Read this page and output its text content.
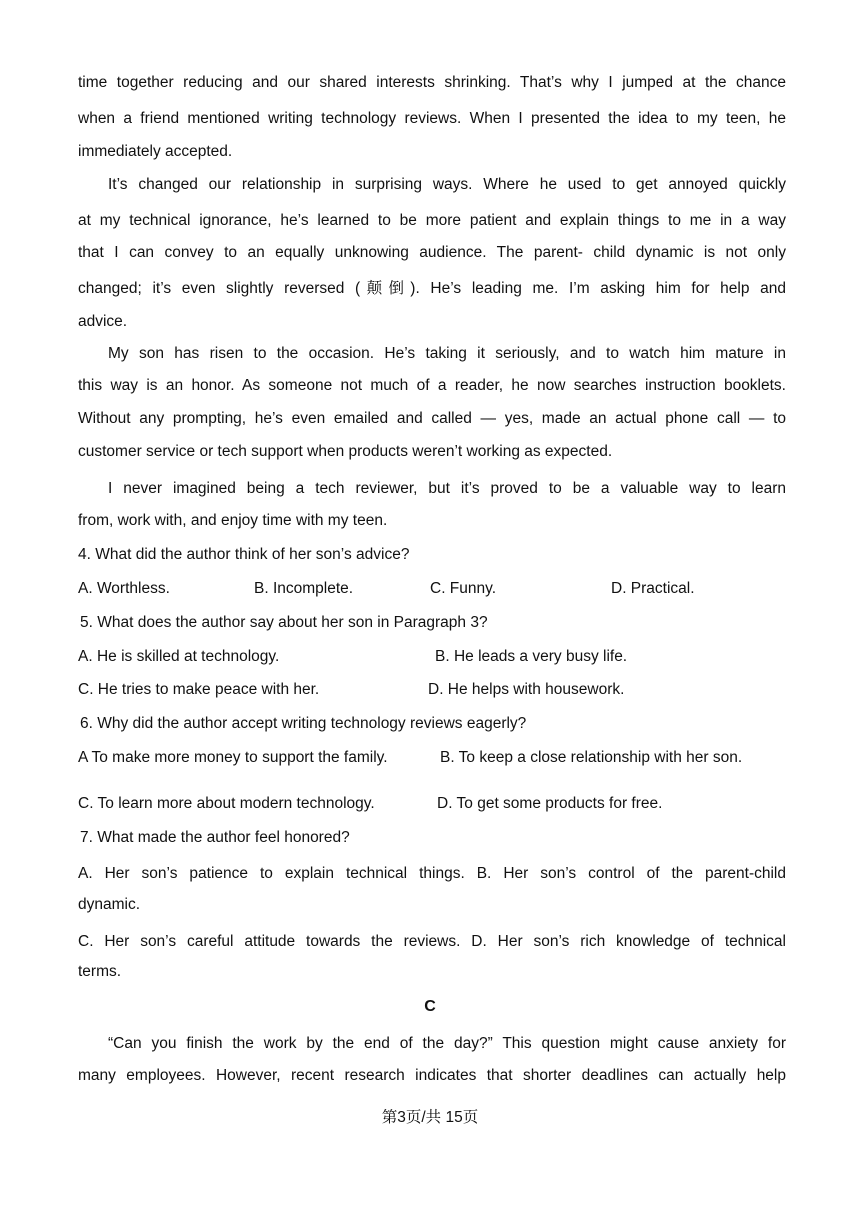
time together reducing and our shared interests shrinking. That’s why I jumped at the chance
when a friend mentioned writing technology reviews. When I presented the idea to my teen, he
immediately accepted.
It’s changed our relationship in surprising ways. Where he used to get annoyed quickly
at my technical ignorance, he’s learned to be more patient and explain things to me in a way
that I can convey to an equally unknowing audience. The parent- child dynamic is not only
changed; it’s even slightly reversed (颠倒). He’s leading me. I’m asking him for help and
advice.
My son has risen to the occasion. He’s taking it seriously, and to watch him mature in
this way is an honor. As someone not much of a reader, he now searches instruction booklets.
Without any prompting, he’s even emailed and called — yes, made an actual phone call — to
customer service or tech support when products weren’t working as expected.
I never imagined being a tech reviewer, but it’s proved to be a valuable way to learn
from, work with, and enjoy time with my teen.
4. What did the author think of her son’s advice?
A. Worthless.	B. Incomplete.	C. Funny.	D. Practical.
5. What does the author say about her son in Paragraph 3?
A. He is skilled at technology.	B. He leads a very busy life.
C. He tries to make peace with her.	D. He helps with housework.
6. Why did the author accept writing technology reviews eagerly?
A To make more money to support the family.	B. To keep a close relationship with her son.
C. To learn more about modern technology.	D. To get some products for free.
7. What made the author feel honored?
A. Her son’s patience to explain technical things. B. Her son’s control of the parent-child
dynamic.
C. Her son’s careful attitude towards the reviews. D. Her son’s rich knowledge of technical
terms.
C
“Can you finish the work by the end of the day?” This question might cause anxiety for
many employees. However, recent research indicates that shorter deadlines can actually help
第3页/共 15页
